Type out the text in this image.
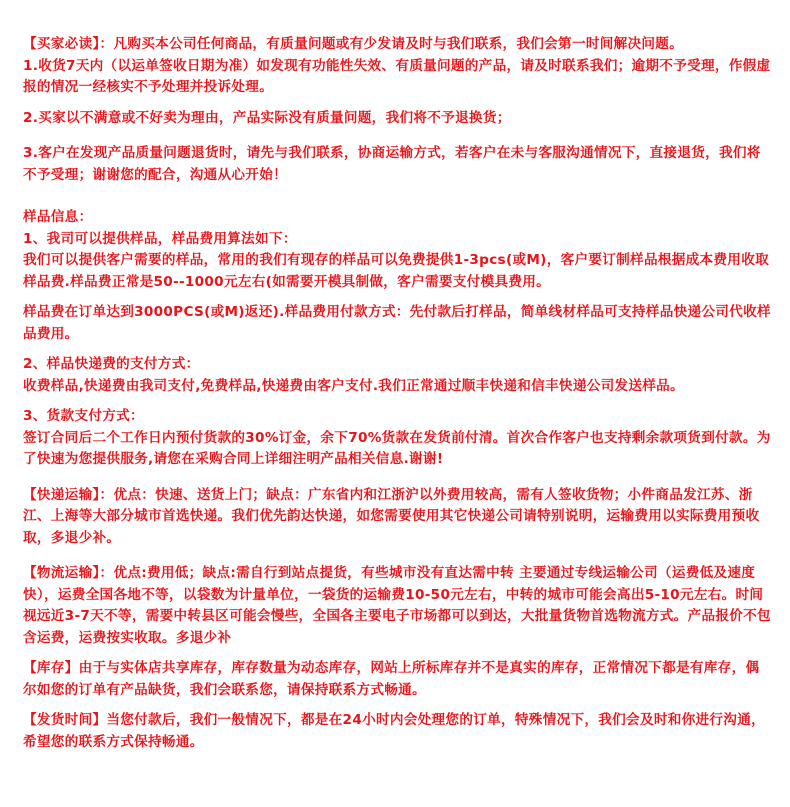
【买家必读】：凡购买本公司任何商品，有质量问题或有少发请及时与我们联系，我们会第一时间解决问题。

1.收货7天内（以运单签收日期为准）如发现有功能性失效、有质量问题的产品，请及时联系我们；逾期不予受理，作假虚报的情况一经核实不予处理并投诉处理。

2.买家以不满意或不好卖为理由，产品实际没有质量问题，我们将不予退换货；

3.客户在发现产品质量问题退货时，请先与我们联系，协商运输方式，若客户在未与客服沟通情况下，直接退货，我们将不予受理；谢谢您的配合，沟通从心开始！

样品信息：

1、我司可以提供样品，样品费用算法如下：

我们可以提供客户需要的样品，常用的我们有现存的样品可以免费提供1-3pcs(或M)，客户要订制样品根据成本费用收取样品费.样品费正常是50--1000元左右(如需要开模具制做，客户需要支付模具费用。

样品费在订单达到3000PCS(或M)返还).样品费用付款方式：先付款后打样品，简单线材样品可支持样品快递公司代收样品费用。

2、样品快递费的支付方式：

收费样品,快递费由我司支付,免费样品,快递费由客户支付.我们正常通过顺丰快递和信丰快递公司发送样品。

3、货款支付方式：

签订合同后二个工作日内预付货款的30%订金，余下70%货款在发货前付清。首次合作客户也支持剩余款项货到付款。为了快速为您提供服务,请您在采购合同上详细注明产品相关信息.谢谢!

【快递运输】：优点：快速、送货上门；缺点：广东省内和江浙沪以外费用较高，需有人签收货物；小件商品发江苏、浙江、上海等大部分城市首选快递。我们优先韵达快递，如您需要使用其它快递公司请特别说明，运输费用以实际费用预收取，多退少补。

【物流运输】：优点:费用低；缺点:需自行到站点提货，有些城市没有直达需中转 主要通过专线运输公司（运费低及速度快），运费全国各地不等，以袋数为计量单位，一袋货的运输费10-50元左右，中转的城市可能会高出5-10元左右。时间视远近3-7天不等，需要中转县区可能会慢些，全国各主要电子市场都可以到达，大批量货物首选物流方式。产品报价不包含运费，运费按实收取。多退少补

【库存】由于与实体店共享库存，库存数量为动态库存，网站上所标库存并不是真实的库存，正常情况下都是有库存，偶尔如您的订单有产品缺货，我们会联系您，请保持联系方式畅通。

【发货时间】当您付款后，我们一般情况下，都是在24小时内会处理您的订单，特殊情况下，我们会及时和你进行沟通，希望您的联系方式保持畅通。
